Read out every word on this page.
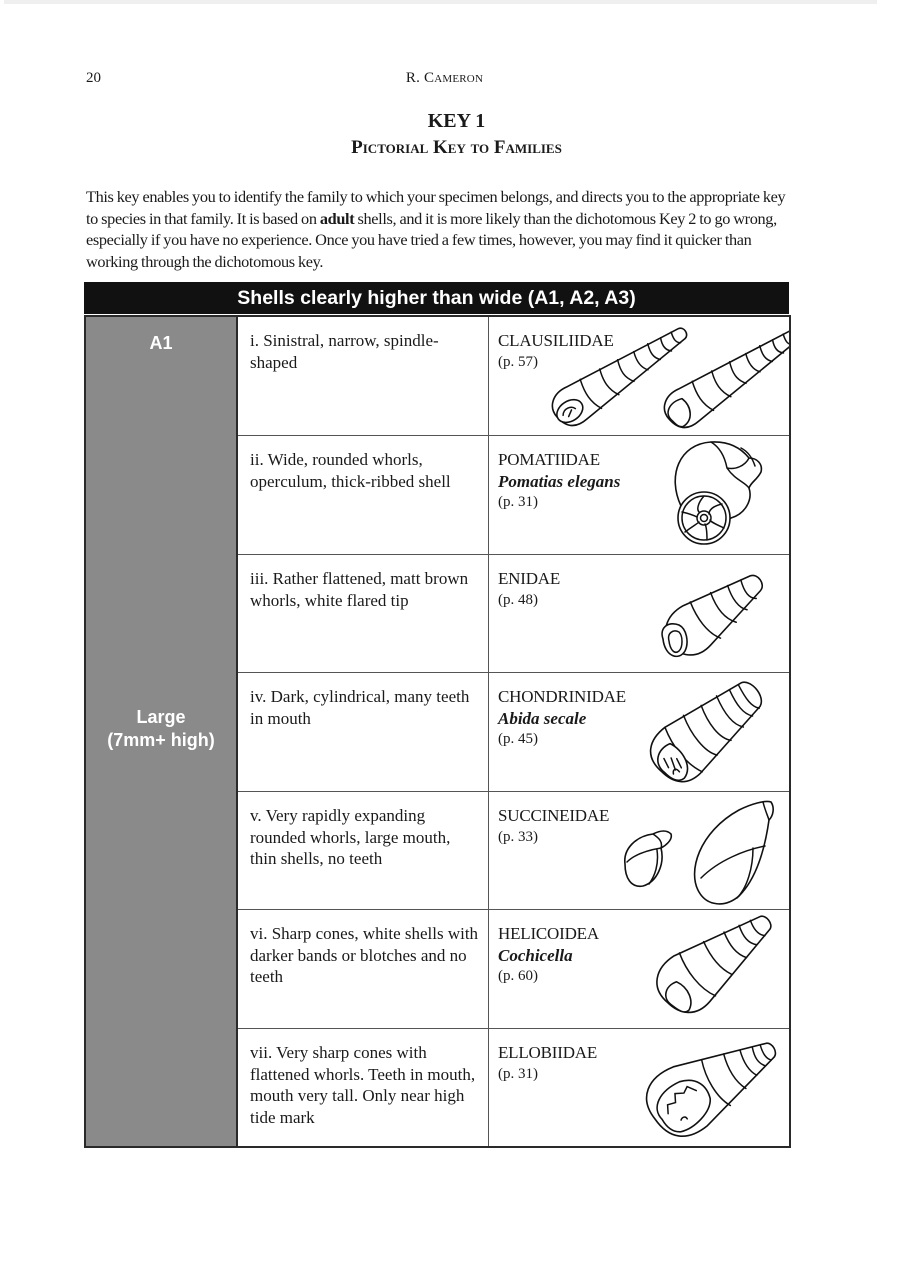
20	R. Cameron
KEY 1
Pictorial Key to Families

This key enables you to identify the family to which your specimen belongs, and directs you to the appropriate key to species in that family. It is based on adult shells, and it is more likely than the dichotomous Key 2 to go wrong, especially if you have no experience. Once you have tried a few times, however, you may find it quicker than working through the dichotomous key.

Shells clearly higher than wide (A1, A2, A3)
A1
Large
(7mm+ high)
i. Sinistral, narrow, spindle-shaped
CLAUSILIIDAE
(p. 57)
ii. Wide, rounded whorls, operculum, thick-ribbed shell
POMATIIDAE
Pomatias elegans
(p. 31)
iii. Rather flattened, matt brown whorls, white flared tip
ENIDAE
(p. 48)
iv. Dark, cylindrical, many teeth in mouth
CHONDRINIDAE
Abida secale
(p. 45)
v. Very rapidly expanding rounded whorls, large mouth, thin shells, no teeth
SUCCINEIDAE
(p. 33)
vi. Sharp cones, white shells with darker bands or blotches and no teeth
HELICOIDEA
Cochicella
(p. 60)
vii. Very sharp cones with flattened whorls. Teeth in mouth, mouth very tall. Only near high tide mark
ELLOBIIDAE
(p. 31)
